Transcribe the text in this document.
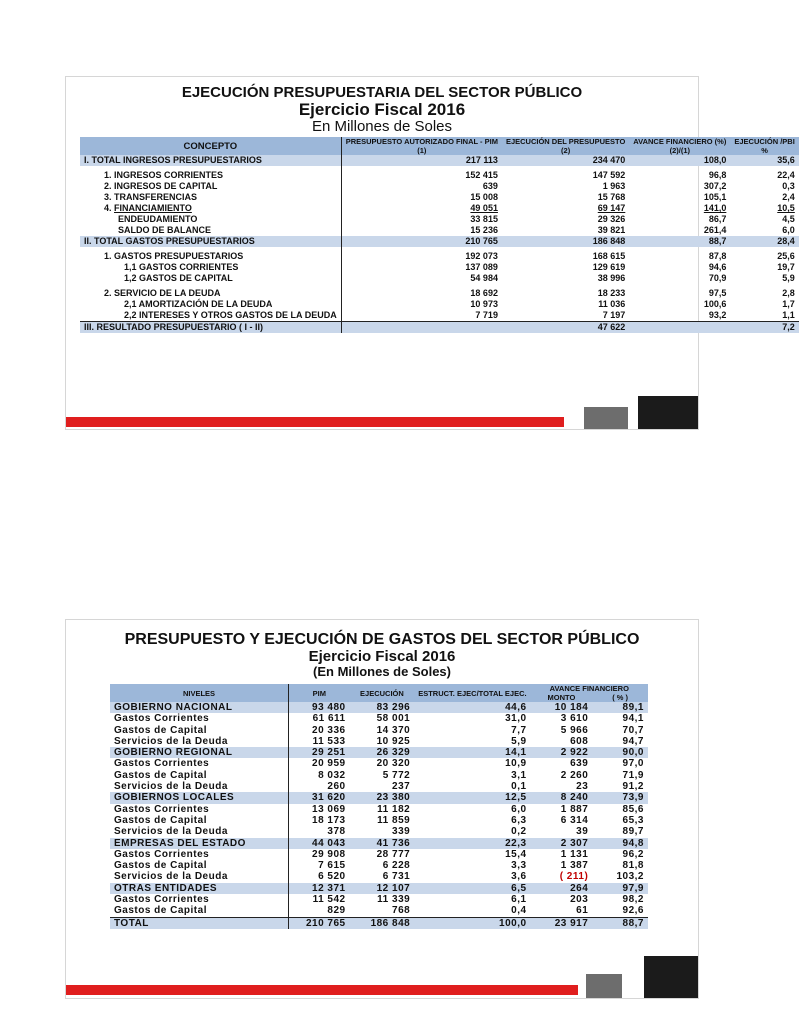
EJECUCIÓN PRESUPUESTARIA DEL SECTOR PÚBLICO
Ejercicio Fiscal 2016
En Millones de Soles
CONCEPTO	PRESUPUESTO AUTORIZADO FINAL - PIM	EJECUCIÓN DEL PRESUPUESTO	AVANCE FINANCIERO (%)	EJECUCIÓN /PBI
	(1)	(2)	(2)/(1)	%
I. TOTAL INGRESOS PRESUPUESTARIOS	217 113	234 470	108,0	35,6

1. INGRESOS CORRIENTES	152 415	147 592	96,8	22,4
2. INGRESOS DE CAPITAL	639	1 963	307,2	0,3
3. TRANSFERENCIAS	15 008	15 768	105,1	2,4
4. FINANCIAMIENTO	49 051	69 147	141,0	10,5
ENDEUDAMIENTO	33 815	29 326	86,7	4,5
SALDO DE BALANCE	15 236	39 821	261,4	6,0
II. TOTAL GASTOS PRESUPUESTARIOS	210 765	186 848	88,7	28,4

1. GASTOS PRESUPUESTARIOS	192 073	168 615	87,8	25,6
1,1 GASTOS CORRIENTES	137 089	129 619	94,6	19,7
1,2 GASTOS DE CAPITAL	54 984	38 996	70,9	5,9

2. SERVICIO DE LA DEUDA	18 692	18 233	97,5	2,8
2,1 AMORTIZACIÓN DE LA DEUDA	10 973	11 036	100,6	1,7
2,2 INTERESES Y OTROS GASTOS DE LA DEUDA	7 719	7 197	93,2	1,1
III. RESULTADO PRESUPUESTARIO ( I - II)		47 622		7,2
PRESUPUESTO Y EJECUCIÓN DE GASTOS DEL SECTOR PÚBLICO
Ejercicio Fiscal 2016
(En Millones de Soles)
NIVELES	PIM	EJECUCIÓN	ESTRUCT. EJEC/TOTAL EJEC.	AVANCE FINANCIERO	
				MONTO	( % )
GOBIERNO NACIONAL	93 480	83 296	44,6	10 184	89,1
Gastos Corrientes	61 611	58 001	31,0	3 610	94,1
Gastos de Capital	20 336	14 370	7,7	5 966	70,7
Servicios de la Deuda	11 533	10 925	5,9	608	94,7
GOBIERNO REGIONAL	29 251	26 329	14,1	2 922	90,0
Gastos Corrientes	20 959	20 320	10,9	639	97,0
Gastos de Capital	8 032	5 772	3,1	2 260	71,9
Servicios de la Deuda	260	237	0,1	23	91,2
GOBIERNOS LOCALES	31 620	23 380	12,5	8 240	73,9
Gastos Corrientes	13 069	11 182	6,0	1 887	85,6
Gastos de Capital	18 173	11 859	6,3	6 314	65,3
Servicios de la Deuda	378	339	0,2	39	89,7
EMPRESAS DEL ESTADO	44 043	41 736	22,3	2 307	94,8
Gastos Corrientes	29 908	28 777	15,4	1 131	96,2
Gastos de Capital	7 615	6 228	3,3	1 387	81,8
Servicios de la Deuda	6 520	6 731	3,6	( 211)	103,2
OTRAS ENTIDADES	12 371	12 107	6,5	264	97,9
Gastos Corrientes	11 542	11 339	6,1	203	98,2
Gastos de Capital	829	768	0,4	61	92,6
TOTAL	210 765	186 848	100,0	23 917	88,7
